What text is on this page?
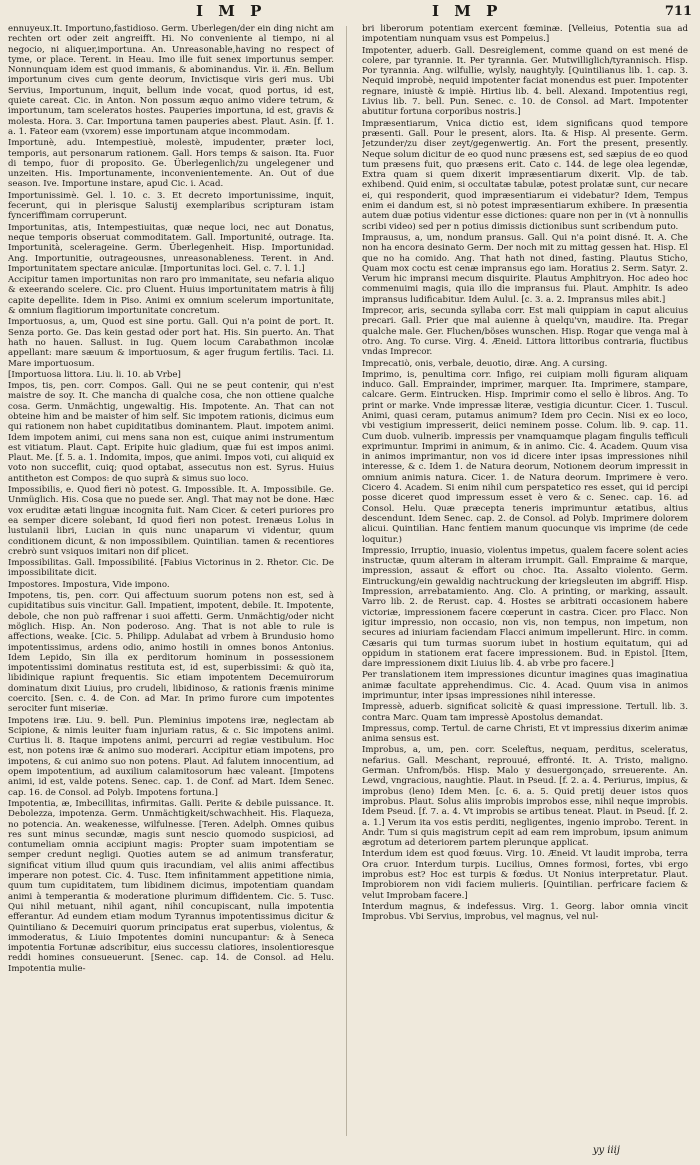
I M P	I M P	711

ennuyeux.It. Importuno,fastidioso. Germ. Überlegen/der ein ding nicht am rechten ort oder zeit angreifft. Hi. No conveniente al tiempo, ni al negocio, ni aliquer,importuna. An. Unreasonable,having no respect of tyme, or place. Terent. in Heau. Imo ille fuit senex importunus semper. Nonnunquam idem est quod immanis, & abominandus. Vir. ii. Æn. Bellum importunum cives cum gente deorum, Invictisque viris geri mus. Ubi Servius, Importunum, inquit, bellum inde vocat, quod portus, id est, quiete careat. Cic. in Anton. Non possum æquo animo videre tetrum, & importunum, tam sceleratos hostes. Pauperies importuna, id est, gravis & molesta. Hora. 3. Car. Importuna tamen pauperies abest. Plaut. Asin. [f. 1. a. 1. Fateor eam (vxorem) esse importunam atque incommodam.

Importunè, adu. Intempestiuè, molestè, impudenter, præter loci, temporis, aut personarum rationem. Gall. Hors temps & saison. Ita. Fuor di tempo, fuor di proposito. Ge. Überlegenlich/zu ungelegener und unzeiten. His. Importunamente, inconvenientemente. An. Out of due season. Ive. Importune instare, apud Cic. i. Acad.

Importunissimè. Gel. l. 10. c. 3. Et decreto importunissime, inquit, fecerunt, qui in plerisque Salustij exemplaribus scripturam istam fynceriffimam corruperunt.

Importunitas, atis, Intempestiuitas, quæ neque loci, nec aut Donatus, neque temporis obseruat commoditatem. Gall. Importunité, outrage. Ita. Importunità, scelerageine. Germ. Überlegenheit. Hisp. Importunidad. Ang. Importunitie, outrageousnes, unreasonableness. Terent. in And. Importunitatem spectare aniculæ. [Importunitas loci. Gel. c. 7. l. 1.]

Accipitur tamen importunitas non raro pro immanitate, seu nefaria aliquo & exeerando scelere. Cic. pro Cluent. Huius importunitatem matris à filij capite depellite. Idem in Piso. Animi ex omnium scelerum importunitate, & omnium flagitiorum importunitate concretum.

Importuosus, a, um, Quod est sine portu. Gall. Qui n'a point de port. It. Senza porto. Ge. Das kein gestad oder port hat. His. Sin puerto. An. That hath no hauen. Sallust. in Iug. Quem locum Carabathmon incolæ appellant: mare sæuum & importuosum, & ager frugum fertilis. Taci. Li. Mare importuosum.

[Importuosa littora. Liu. li. 10. ab Vrbe]

Impos, tis, pen. corr. Compos. Gall. Qui ne se peut contenir, qui n'est maistre de soy. It. Che mancha di qualche cosa, che non ottiene qualche cosa. Germ. Unmächtig, ungewaltig. His. Impotente. An. That can not obteine him and be maister of him self. Sic impotem rationis, dicimus eum qui rationem non habet cupiditatibus dominantem. Plaut. impotem animi. Idem impotem animi, cui mens sana non est, cuique animi instrumentum est vitiatum. Plaut. Capt. Eripite huic gladium, quæ fui est impos animi. Plaut. Me. [f. 5. a. 1. Indomita, impos, que animi. Impos voti, cui aliquid ex voto non succeflit, cuiq; quod optabat, assecutus non est. Syrus. Huius antitheton est Compos: de quo suprà & simus suo loco.

Impossibilis, e. Quod fieri nò potest. G. Impossible. It. A. Impossibile. Ge. Unmüglich. His. Cosa que no puede ser. Angl. That may not be done. Hæc vox eruditæ ætati linguæ incognita fuit. Nam Cicer. & ceteri puriores pro ea semper dicere solebant, Id quod fieri non potest. Irenæus Lolus in lustulanii libri, Lucian in quis nunc unaparum vi videntur, quum conditionem dicunt, & non impossibilem. Quintilian. tamen & recentiores crebrò sunt vsiquos imitari non dif plicet.

Impossibilitas. Gall. Impossibilité. [Fabius Victorinus in 2. Rhetor. Cic. De impossibilitate dicit.

Impostores. Impostura, Vide impono.

Impotens, tis, pen. corr. Qui affectuum suorum potens non est, sed à cupiditatibus suis vincitur. Gall. Impatient, impotent, debile. It. Impotente, debole, che non può raffrenar i suoi affetti. Germ. Unmächtig/oder nicht möglich. Hisp. An. Non poderoso. Ang. That is not able to rule is affections, weake. [Cic. 5. Philipp. Adulabat ad vrbem à Brundusio homo impotentissimus, ardens odio, animo hostili in omnes bonos Antonius. Idem Lepido, Sin illa ex perditorum hominum in possessionem impotentissimi dominatus restituta est, id est, superbissimi: & quò ita, libidinique rapiunt frequentis. Sic etiam impotentem Decemuirorum dominatum dixit Liuius, pro crudeli, libidinoso, & rationis frænis minime coercito. [Sen. c. 4. de Con. ad Mar. In primo furore cum impotentes serociter funt miseriæ.

Impotens iræ. Liu. 9. bell. Pun. Pleminius impotens iræ, neglectam ab Scipione, & nimis leuiter fuam injuriam ratus, & c. Sic impotens animi. Curtius li. 8. Itaque impotens animi, percurri ad regiæ vestibulum. Hoc est, non potens iræ & animo suo moderari. Accipitur etiam impotens, pro impotens, & cui animo suo non potens. Plaut. Ad falutem innocentium, ad opem impotentium, ad auxilium calamitosorum hæc valeant. [Impotens animi, id est, valde potens. Senec. cap. 1. de Conf. ad Mart. Idem Senec. cap. 16. de Consol. ad Polyb. Impotens fortuna.]

Impotentia, æ, Imbecillitas, infirmitas. Galli. Perite & debile puissance. It. Debolezza, impotenza. Germ. Unmächtigkeit/schwachheit. His. Flaqueza, no potencia. An. weakenesse, wilfulnesse. [Teren. Adelph. Omnes quibus res sunt minus secundæ, magis sunt nescio quomodo suspiciosi, ad contumeliam omnia accipiunt magis: Propter suam impotentiam se semper credunt negligi. Quoties autem se ad animum transferatur, significat vitium illud quum quis iracundiam, vel aliis animi affectibus imperare non potest. Cic. 4. Tusc. Item infinitamment appetitione nimia, quum tum cupiditatem, tum libidinem dicimus, impotentiam quandam animi à temperantia & moderatione plurimum diffidentem. Cic. 5. Tusc. Qui nihil metuant, nihil agant, nihil concupiscant, nulla impotentia efferantur. Ad eundem etiam modum Tyrannus impotentissimus dicitur & Quintiliano & Decemuiri quorum principatus erat superbus, violentus, & immoderatus, & Liuio Impotentes domini nuncupantur: & à Seneca impotentia Fortunæ adscribitur, eius successu clatiores, insolentioresque reddi homines consueuerunt. [Senec. cap. 14. de Consol. ad Helu. Impotentia mulie-

bri liberorum potentiam exercent fœminæ. [Velleius, Potentia sua ad impotentiam nunquam vsus est Pompeius.]

Impotenter, aduerb. Gall. Desreiglement, comme quand on est mené de colere, par tyrannie. It. Per tyrannia. Ger. Mutwilliglich/tyrannisch. Hisp. Por tyrannia. Ang. wilfullie, wylsly, naughtyly. [Quintilianus lib. 1. cap. 3. Nequid improbè, nequid impotenter faciat monendus est puer. Impotenter regnare, iniustè & impiè. Hirtius lib. 4. bell. Alexand. Impotentius regi, Livius lib. 7. bell. Pun. Senec. c. 10. de Consol. ad Mart. Impotenter abutitur fortuna corporibus nostris.]

Impræsentiarum, Vnica dictio est, idem significans quod tempore præsenti. Gall. Pour le present, alors. Ita. & Hisp. Al presente. Germ. Jetzunder/zu diser zeyt/gegenwertig. An. Fort the present, presently. Neque solum dicitur de eo quod nunc præsens est, sed sæpius de eo quod tum præsens fuit, quo præsens erit. Cato c. 144. de lege olea legendæ, Extra quam si quem dixerit impræsentiarum dixerit. Vlp. de tab. exhibend. Quid enim, si occultatæ tabulæ, potest prolatæ sunt, cur necare ei, qui responderit, quod impræsentiarum ei videbatur? Idem, Tempus enim ei dandum est, si nò potest impræsentiarum exhibere. In præsentia autem duæ potius videntur esse dictiones: quare non per in (vt à nonnullis scribi video) sed per n potius dimissis dictionibus sunt scribendum puto.

Imprausus, a, um, nondum pransus. Gall. Qui n'a point disné. It. A. Che non ha encora desinato Germ. Der noch mit zu mittag gessen hat. Hisp. El que no ha comido. Ang. That hath not dined, fasting. Plautus Sticho, Quam mox coctu est cenæ impransus ego iam. Horatius 2. Serm. Satyr. 2. Verum hic impransi mecum disquirite. Plautus Amphitryon. Hoc adeo hoc commenuimi magis, quia illo die impransus fui. Plaut. Amphitr. Is adeo impransus ludificabitur. Idem Aulul. [c. 3. a. 2. Impransus miles abit.]

Imprecor, aris, secunda syllaba corr. Est mali quippiam in caput alicuius precari. Gall. Prier que mal auienne à quelqu'vn, maudire. Ita. Pregar qualche male. Ger. Fluchen/böses wunschen. Hisp. Rogar que venga mal à otro. Ang. To curse. Virg. 4. Æneid. Littora littoribus contraria, fluctibus vndas Imprecor.

Imprecatiò, onis, verbale, deuotio, diræ. Ang. A cursing.

Imprimo, is, penultima corr. Infigo, rei cuipiam molli figuram aliquam induco. Gall. Emprainder, imprimer, marquer. Ita. Imprimere, stampare, calcare. Germ. Eintrucken. Hisp. Imprimir como el sello è libros. Ang. To print or marke. Vnde impressæ literæ, vestigia dicuntur. Cicer. 1. Tuscul. Animi, quasi ceram, putamus animum? Idem pro Cecin. Nisi ex eo loco, vbi vestigium impresserit, deiici neminem posse. Colum. lib. 9. cap. 11. Cum duob. vulnerib. impressis per vnamquamque plagam fingulis tefficuli exprimuntur. Imprimi in animum, & in animo. Cic. 4. Academ. Quum visa in animos imprimantur, non vos id dicere inter ipsas impressiones nihil interesse, & c. Idem 1. de Natura deorum, Notionem deorum impressit in omnium animis natura. Cicer. 1. de Natura deorum. Imprimere è vero. Cicero 4. Academ. Si enim nihil cum perspatetico res esset, qui id percipi posse diceret quod impressum esset è vero & c. Senec. cap. 16. ad Consol. Helu. Quæ præcepta teneris imprimuntur ætatibus, altius descendunt. Idem Senec. cap. 2. de Consol. ad Polyb. Imprimere dolorem alicui. Quintilian. Hanc fentiem manum quocunque vis imprime (de cede loquitur.)

Impressio, Irruptio, inuasio, violentus impetus, qualem facere solent acies instructæ, quum alteram in alteram irrumpit. Gall. Empraime & marque, impression, assaut & effort ou choc. Ita. Assalto violento. Germ. Eintruckung/ein gewaldig nachtruckung der kriegsleuten im abgriff. Hisp. Impression, arrebatamiento. Ang. Clo. A printing, or marking, assault. Varro lib. 2. de Rerust. cap. 4. Hostes se arbitrati occasionem habere victoriæ, impressionem facere cœperunt in castra. Cicer. pro Flacc. Non igitur impressio, non occasio, non vis, non tempus, non impetum, non secures ad iniuriam faciendam Flacci animum impellerunt. Hirc. in comm. Cæsaris qui tum turmas suorum iubet in hostium equitatum, qui ad oppidum in stationem erat facere impressionem. Bud. in Epistol. [Item, dare impressionem dixit Liuius lib. 4. ab vrbe pro facere.]

Per translationem item impressiones dicuntur imagines quas imaginatiua animæ facultate apprehendimus. Cic. 4. Acad. Quum visa in animos imprimuntur, inter ipsas impressiones nihil interesse.

Impressè, aduerb. significat solicitè & quasi impressione. Tertull. lib. 3. contra Marc. Quam tam impressè Apostolus demandat.

Impressus, comp. Tertul. de carne Christi, Et vt impressius dixerim animæ anima sensus est.

Improbus, a, um, pen. corr. Sceleftus, nequam, perditus, sceleratus, nefarius. Gall. Meschant, reprouué, effronté. It. A. Tristo, maligno. German. Unfrom/bös. Hisp. Malo y desuergonçado, srreuerente. An. Lewd, vngracious, naughtie. Plaut. in Pseud. [f. 2. a. 4. Periurus, impius, & improbus (leno) Idem Men. [c. 6. a. 5. Quid pretij deuer istos quos improbus. Plaut. Solus aliis improbis improbos esse, nihil neque improbis. Idem Pseud. [f. 7. a. 4. Vt improbis se artibus teneat. Plaut. in Pseud. [f. 2. a. 1.] Verum ita vos estis perditi, negligentes, ingenio improbo. Terent. in Andr. Tum si quis magistrum cepit ad eam rem improbum, ipsum animum ægrotum ad deteriorem partem plerunque applicat.

Interdum idem est quod fœuus. Virg. 10. Æneid. Vt laudit improba, terra Ora cruor. Interdum turpis. Lucilius, Omnes formosi, fortes, vbi ergo improbus est? Hoc est turpis & fœdus. Ut Nonius interpretatur. Plaut. Improbiorem non vidi faciem mulieris. [Quintilian. perfricare faciem & velut Improbam facere.]

Interdum magnus, & indefessus. Virg. 1. Georg. labor omnia vincit Improbus. Vbi Servius, improbus, vel magnus, vel nul-

yy iiij
